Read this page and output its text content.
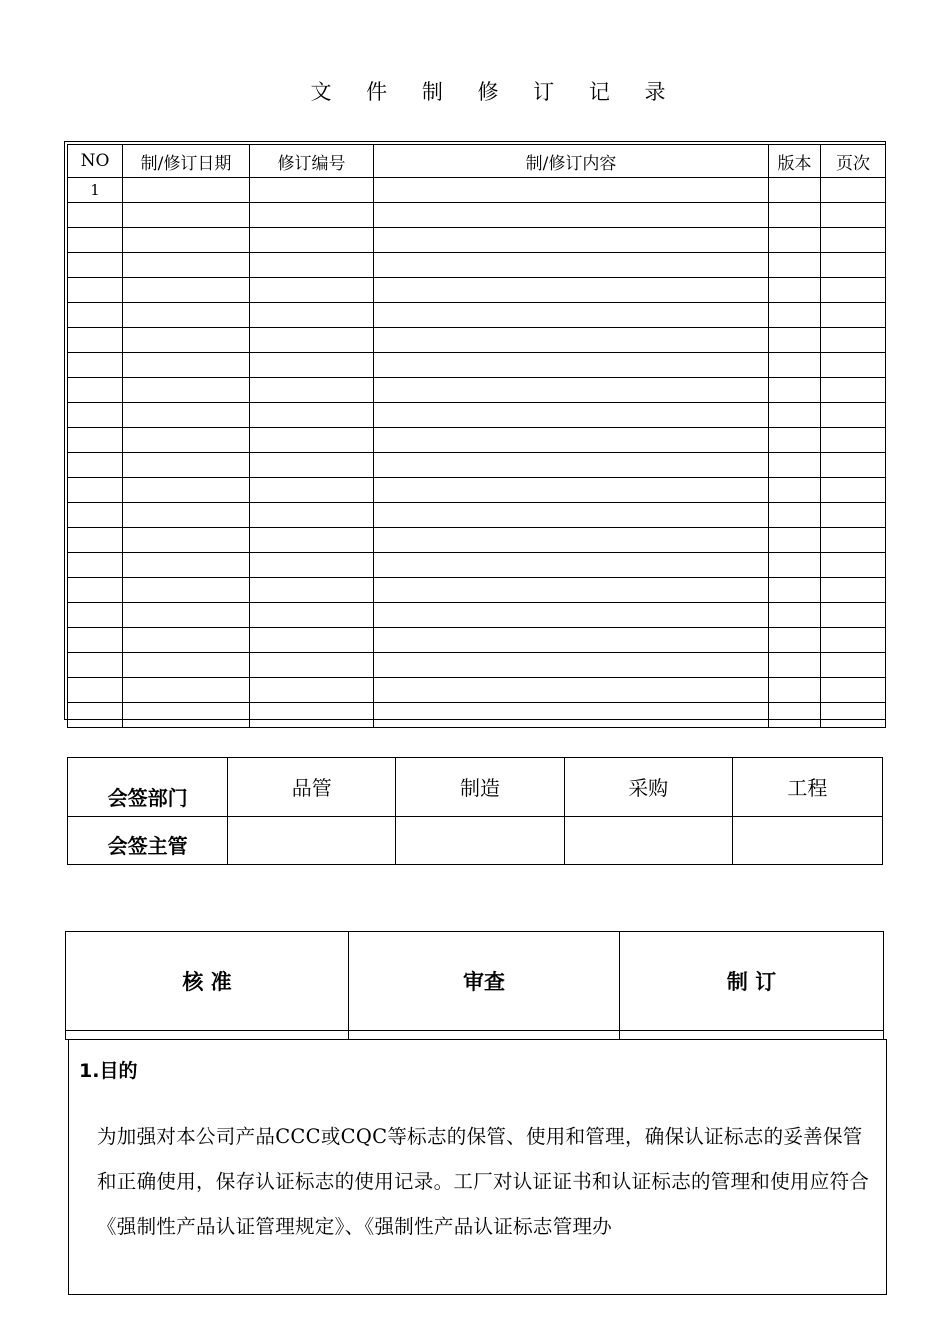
文 件 制 修 订 记 录
NO	制/修订日期	修订编号	制/修订内容	版本	页次
1					

会签部门	品管	制造	采购	工程
会签主管				
核 准	审查	制 订

1.目的

为加强对本公司产品CCC或CQC等标志的保管、使用和管理，确保认证标志的妥善保管和正确使用，保存认证标志的使用记录。工厂对认证证书和认证标志的管理和使用应符合《强制性产品认证管理规定》、《强制性产品认证标志管理办
